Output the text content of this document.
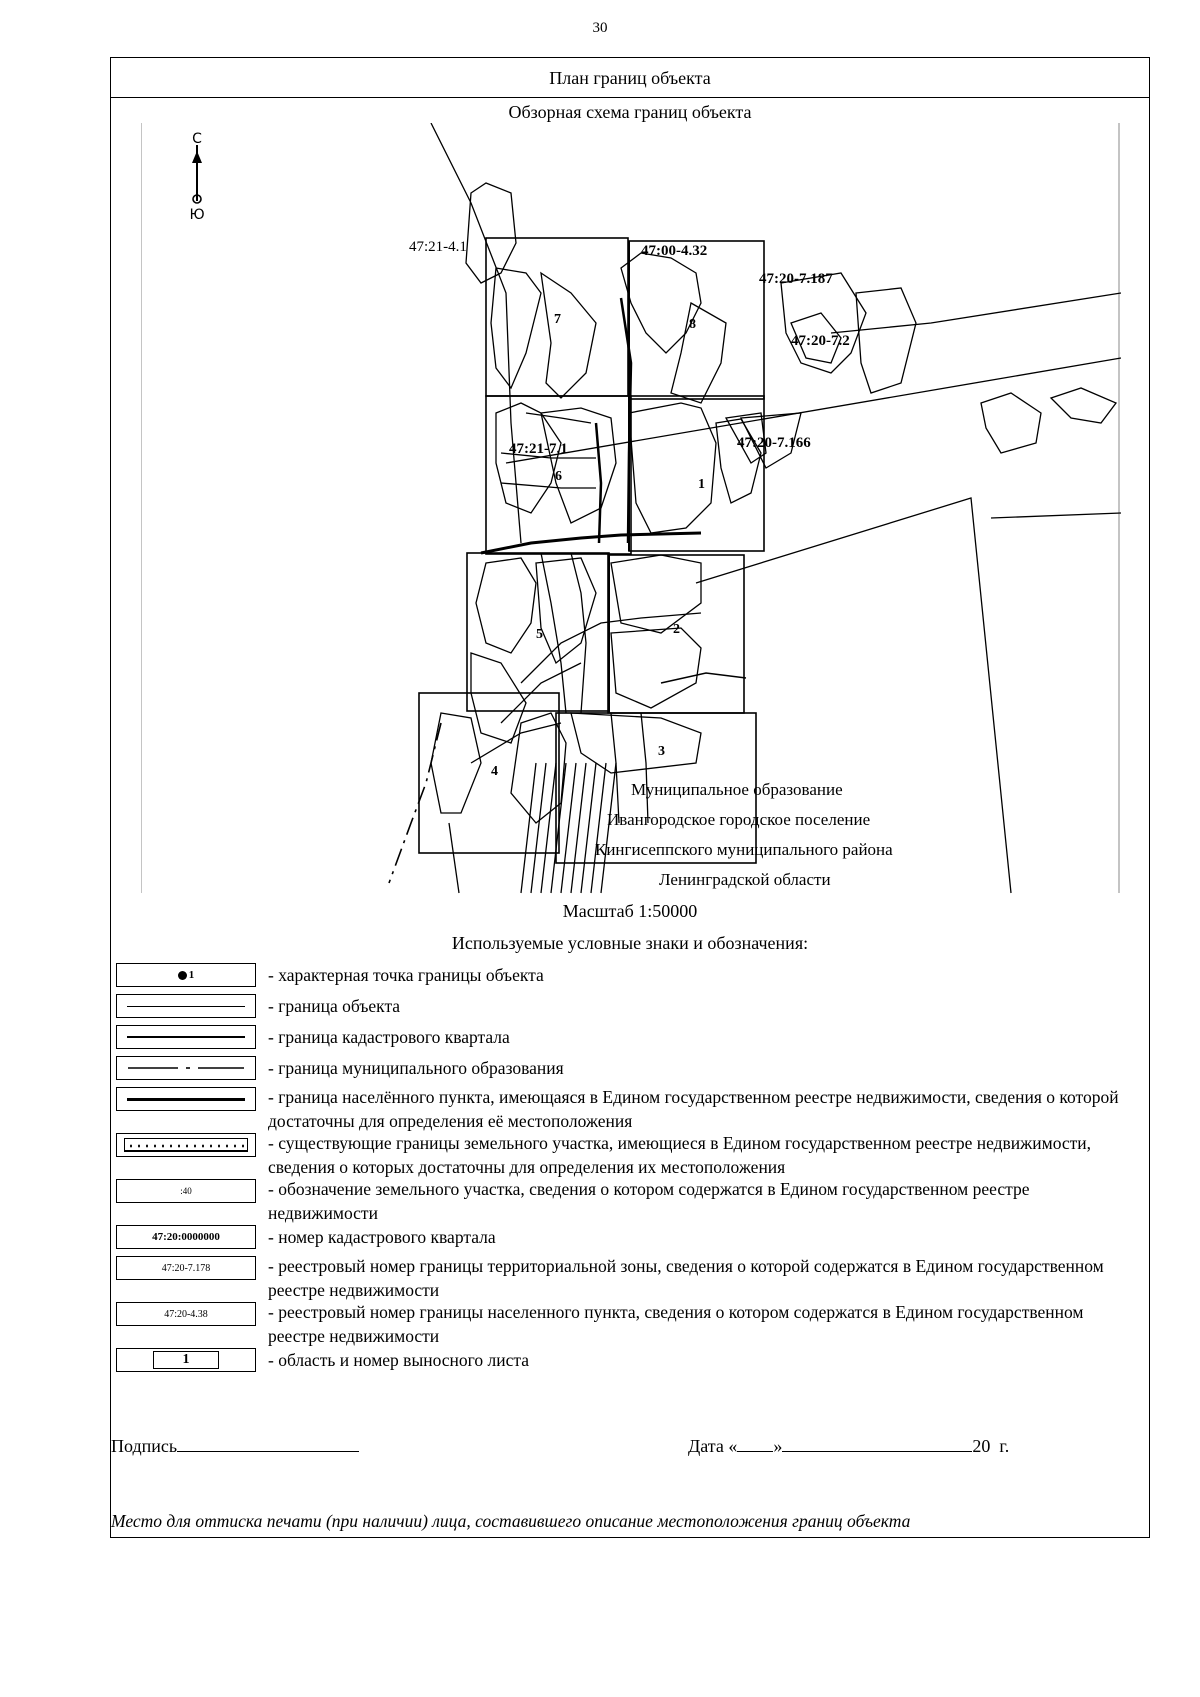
30
План границ объекта
Обзорная схема границ объекта
С
Ю
47:21-4.1	47:00-4.32
47:20-7.187
47:20-7.2
47:21-7.1	47:20-7.166
1
2
3
4
5
6
7	8
Муниципальное образование
Ивангородское городское поселение
Кингисеппского муниципального района
Ленинградской области
Масштаб 1:50000
Используемые условные знаки и обозначения:
1	- характерная точка границы объекта
- граница объекта
- граница кадастрового квартала
- граница муниципального образования
- граница населённого пункта, имеющаяся в Едином государственном реестре недвижимости, сведения о которой достаточны для определения её местоположения
- существующие границы земельного участка, имеющиеся в Едином государственном реестре недвижимости, сведения о которых достаточны для определения их местоположения
:40	- обозначение земельного участка, сведения о котором содержатся в Едином государственном реестре недвижимости
47:20:0000000	- номер кадастрового квартала
47:20-7.178	- реестровый номер границы территориальной зоны, сведения о которой содержатся в Едином государственном реестре недвижимости
47:20-4.38	- реестровый номер границы населенного пункта, сведения о котором содержатся в Едином государственном реестре недвижимости
1	- область и номер выносного листа
Подпись	Дата « »	20 г.
Место для оттиска печати (при наличии) лица, составившего описание местоположения границ объекта
